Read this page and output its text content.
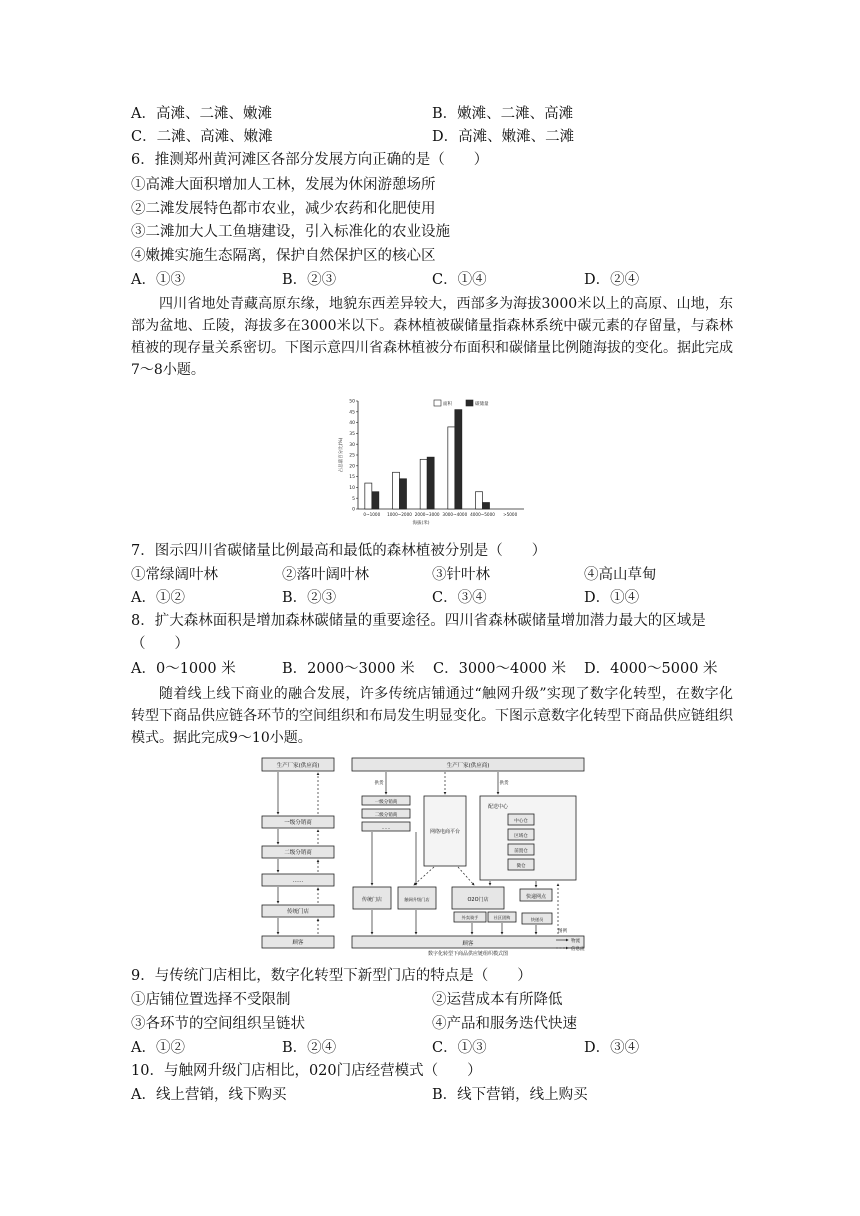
A．高滩、二滩、嫩滩	B．嫩滩、二滩、高滩
C．二滩、高滩、嫩滩	D．高滩、嫩滩、二滩
6．推测郑州黄河滩区各部分发展方向正确的是（　　）
①高滩大面积增加人工林，发展为休闲游憩场所
②二滩发展特色都市农业，减少农药和化肥使用
③二滩加大人工鱼塘建设，引入标准化的农业设施
④嫩摊实施生态隔离，保护自然保护区的核心区
A．①③	B．②③	C．①④	D．②④

四川省地处青藏高原东缘，地貌东西差异较大，西部多为海拔3000米以上的高原、山地，东部为盆地、丘陵，海拔多在3000米以下。森林植被碳储量指森林系统中碳元素的存留量，与森林植被的现存量关系密切。下图示意四川省森林植被分布面积和碳储量比例随海拔的变化。据此完成7～8小题。

0
5
10
15
20
25
30
35
40
45
50
占总量百分比(%)
0~1000 1000~2000 2000~3000 3000~4000 4000~5000 >5000
海拔(米)
面积	碳储量
7．图示四川省碳储量比例最高和最低的森林植被分别是（　　）
①常绿阔叶林	②落叶阔叶林	③针叶林	④高山草甸
A．①②	B．②③	C．③④	D．①④
8．扩大森林面积是增加森林碳储量的重要途径。四川省森林碳储量增加潜力最大的区域是
（　　）
A．0～1000 米	B．2000～3000 米 C．3000～4000 米 D．4000～5000 米

随着线上线下商业的融合发展，许多传统店铺通过“触网升级”实现了数字化转型，在数字化转型下商品供应链各环节的空间组织和布局发生明显变化。下图示意数字化转型下商品供应链组织模式。据此完成9～10小题。

生产厂家(供应商)
一级分销商
二级分销商
……
传统门店
顾客
生产厂家(供应商)
供货	供货
一级分销商
二级分销商
……
网络电商平台
配送中心
中心仓
区域仓
前置仓
微仓
传统门店	触网升级门店	O2O门店	快递网点
外卖骑手	社区团购	快递员
顾客
数字化转型下商品供应链组织模式图
图例
物流
信息流
9．与传统门店相比，数字化转型下新型门店的特点是（　　）
①店铺位置选择不受限制	②运营成本有所降低
③各环节的空间组织呈链状	④产品和服务迭代快速
A．①②	B．②④	C．①③	D．③④
10．与触网升级门店相比，020门店经营模式（　　）
A．线上营销，线下购买	B．线下营销，线上购买
